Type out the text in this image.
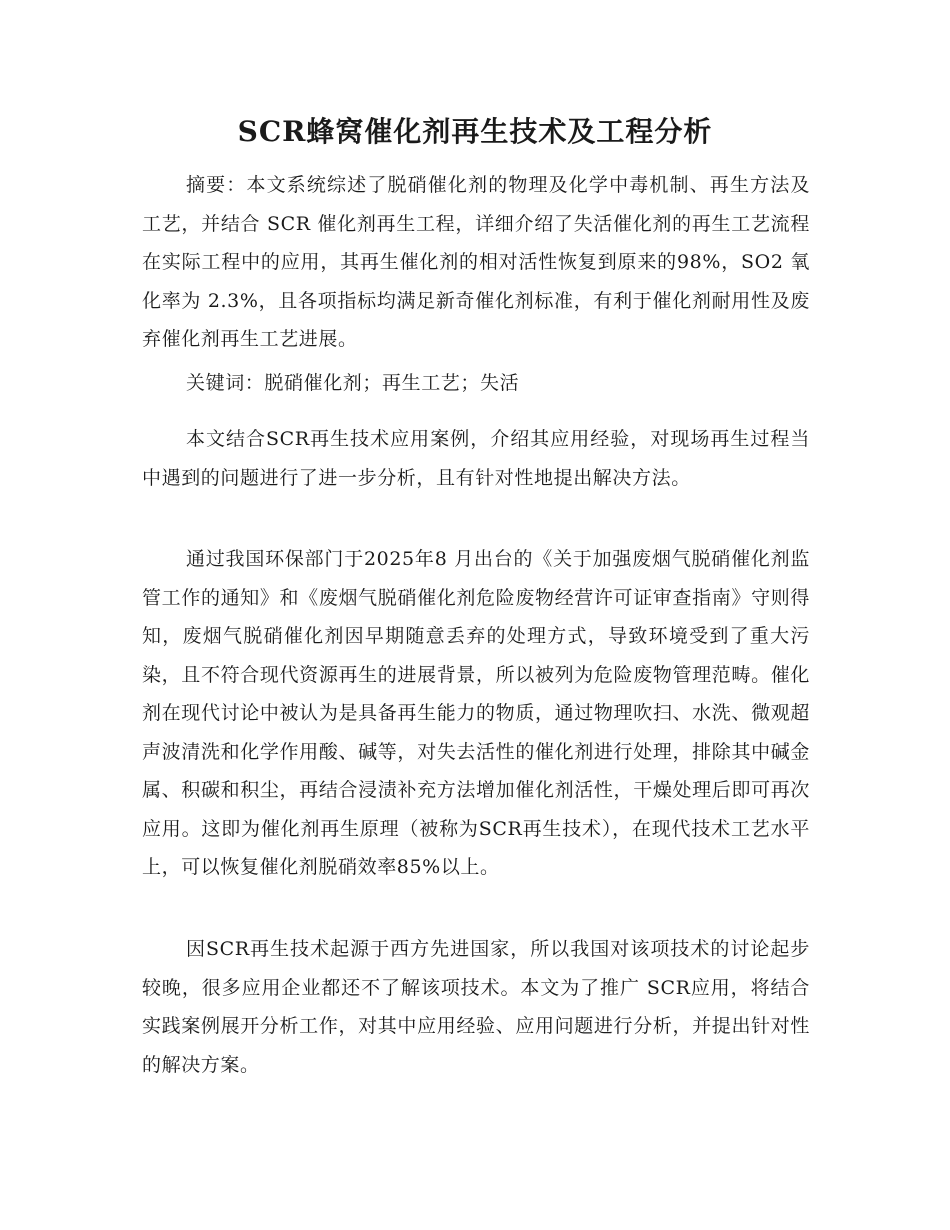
SCR蜂窝催化剂再生技术及工程分析

摘要：本文系统综述了脱硝催化剂的物理及化学中毒机制、再生方法及工艺，并结合 SCR 催化剂再生工程，详细介绍了失活催化剂的再生工艺流程在实际工程中的应用，其再生催化剂的相对活性恢复到原来的98%，SO2 氧化率为 2.3%，且各项指标均满足新奇催化剂标准，有利于催化剂耐用性及废弃催化剂再生工艺进展。

关键词：脱硝催化剂；再生工艺；失活

本文结合SCR再生技术应用案例，介绍其应用经验，对现场再生过程当中遇到的问题进行了进一步分析，且有针对性地提出解决方法。

通过我国环保部门于2025年8 月出台的《关于加强废烟气脱硝催化剂监管工作的通知》和《废烟气脱硝催化剂危险废物经营许可证审查指南》守则得知，废烟气脱硝催化剂因早期随意丢弃的处理方式，导致环境受到了重大污染，且不符合现代资源再生的进展背景，所以被列为危险废物管理范畴。催化剂在现代讨论中被认为是具备再生能力的物质，通过物理吹扫、水洗、微观超声波清洗和化学作用酸、碱等，对失去活性的催化剂进行处理，排除其中碱金属、积碳和积尘，再结合浸渍补充方法增加催化剂活性，干燥处理后即可再次应用。这即为催化剂再生原理（被称为SCR再生技术），在现代技术工艺水平上，可以恢复催化剂脱硝效率85%以上。

因SCR再生技术起源于西方先进国家，所以我国对该项技术的讨论起步较晚，很多应用企业都还不了解该项技术。本文为了推广 SCR应用，将结合实践案例展开分析工作，对其中应用经验、应用问题进行分析，并提出针对性的解决方案。
